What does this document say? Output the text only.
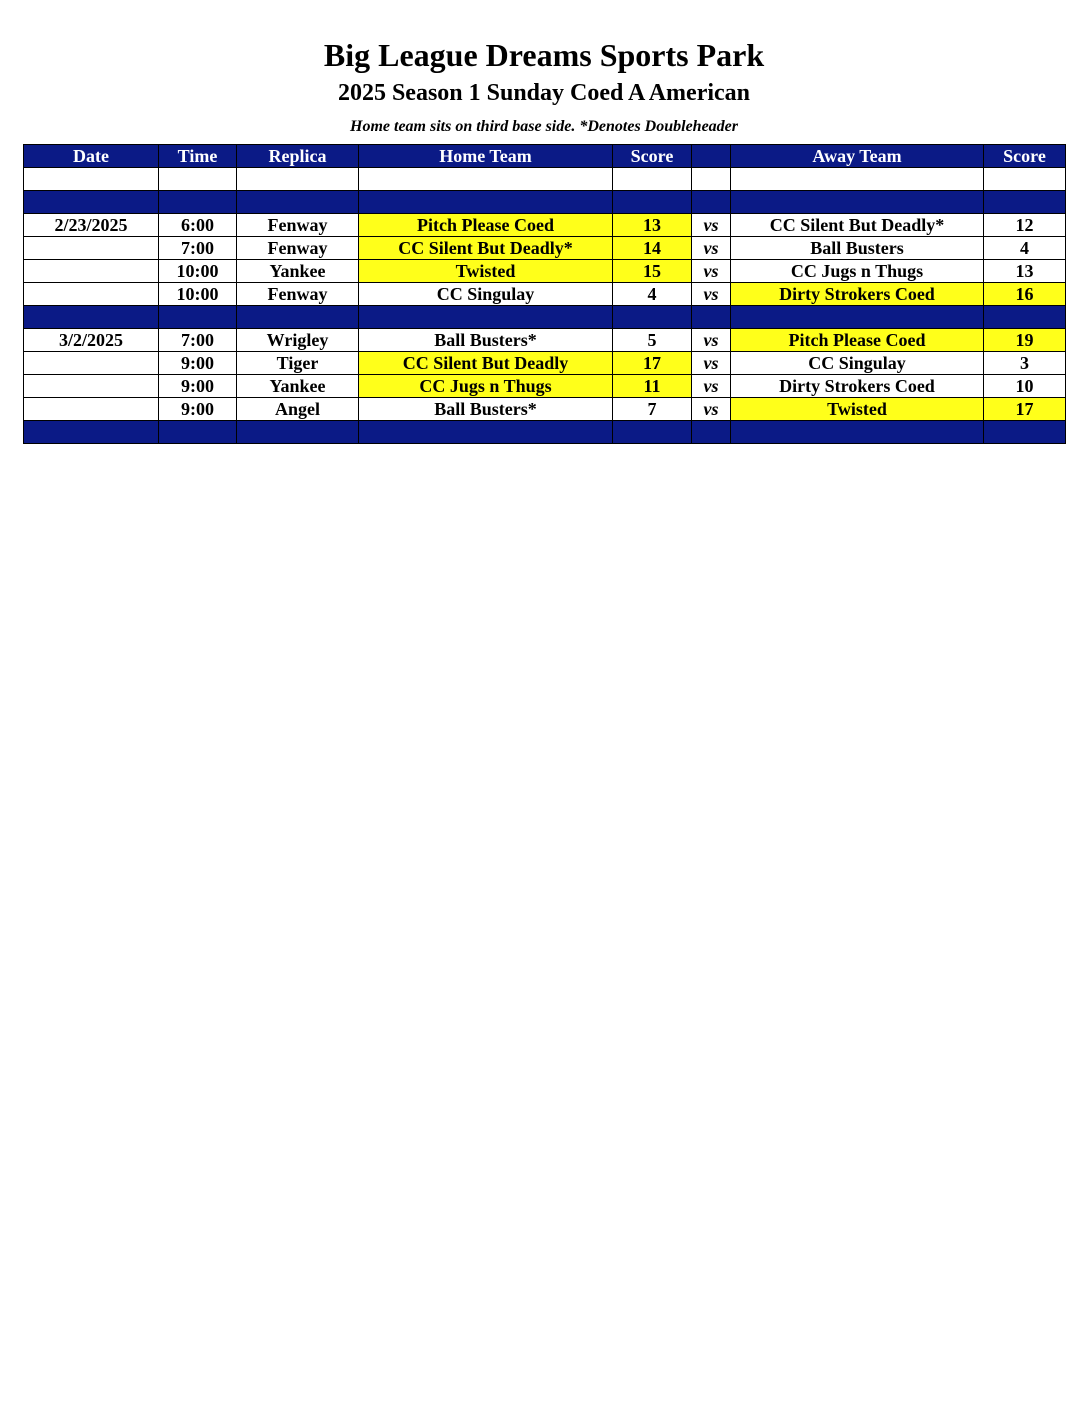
Big League Dreams Sports Park
2025 Season 1 Sunday Coed A American
Home team sits on third base side. *Denotes Doubleheader
Date	Time	Replica	Home Team	Score		Away Team	Score

2/23/2025	6:00	Fenway	Pitch Please Coed	13	vs	CC Silent But Deadly*	12
	7:00	Fenway	CC Silent But Deadly*	14	vs	Ball Busters	4
	10:00	Yankee	Twisted	15	vs	CC Jugs n Thugs	13
	10:00	Fenway	CC Singulay	4	vs	Dirty Strokers Coed	16

3/2/2025	7:00	Wrigley	Ball Busters*	5	vs	Pitch Please Coed	19
	9:00	Tiger	CC Silent But Deadly	17	vs	CC Singulay	3
	9:00	Yankee	CC Jugs n Thugs	11	vs	Dirty Strokers Coed	10
	9:00	Angel	Ball Busters*	7	vs	Twisted	17
